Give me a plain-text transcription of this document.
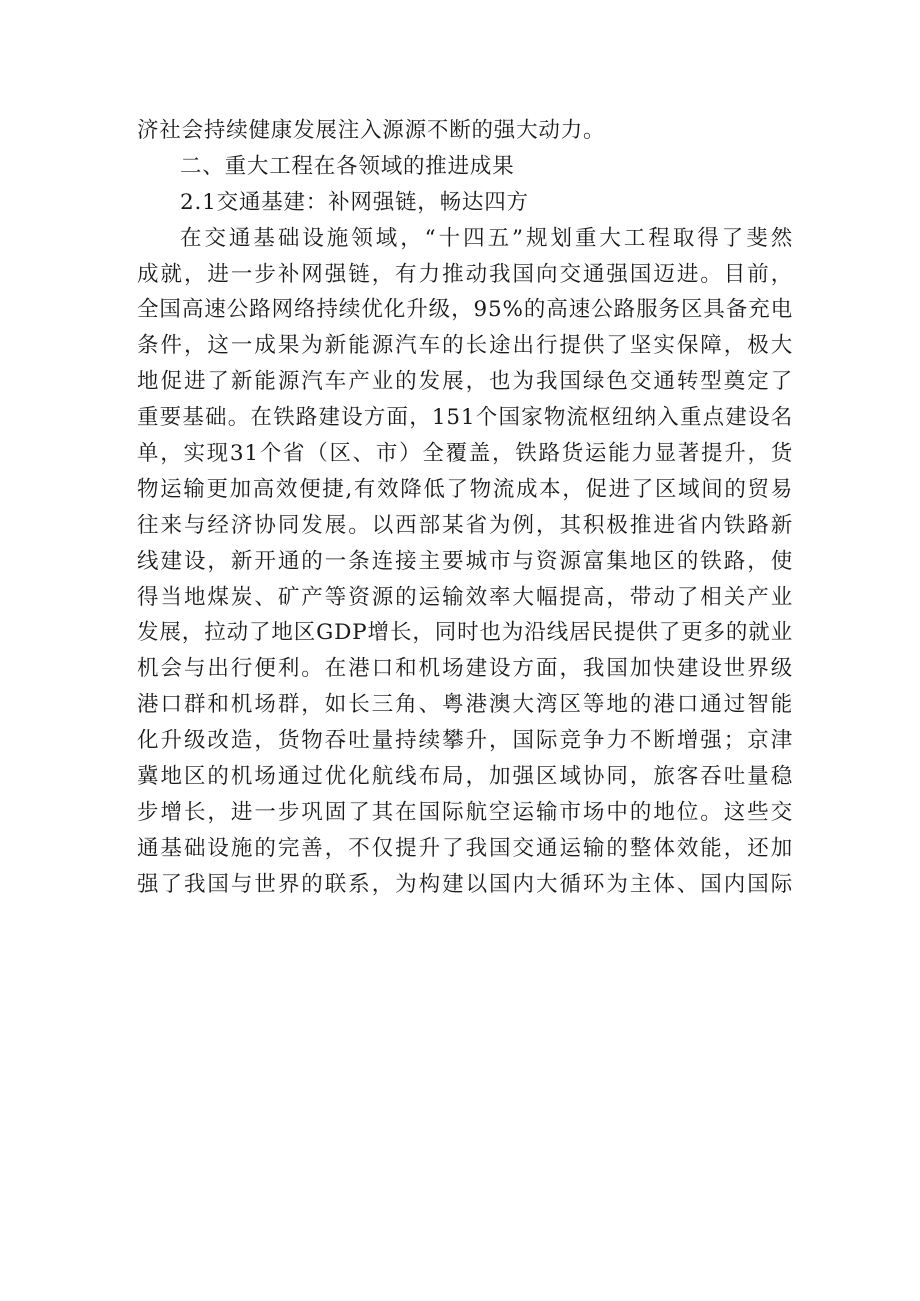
济社会持续健康发展注入源源不断的强大动力。
二、重大工程在各领域的推进成果
2.1交通基建：补网强链，畅达四方
在交通基础设施领域，“十四五”规划重大工程取得了斐然
成就，进一步补网强链，有力推动我国向交通强国迈进。目前，
全国高速公路网络持续优化升级，95%的高速公路服务区具备充电
条件，这一成果为新能源汽车的长途出行提供了坚实保障，极大
地促进了新能源汽车产业的发展，也为我国绿色交通转型奠定了
重要基础。在铁路建设方面，151个国家物流枢纽纳入重点建设名
单，实现31个省（区、市）全覆盖，铁路货运能力显著提升，货
物运输更加高效便捷,有效降低了物流成本，促进了区域间的贸易
往来与经济协同发展。以西部某省为例，其积极推进省内铁路新
线建设，新开通的一条连接主要城市与资源富集地区的铁路，使
得当地煤炭、矿产等资源的运输效率大幅提高，带动了相关产业
发展，拉动了地区GDP增长，同时也为沿线居民提供了更多的就业
机会与出行便利。在港口和机场建设方面，我国加快建设世界级
港口群和机场群，如长三角、粤港澳大湾区等地的港口通过智能
化升级改造，货物吞吐量持续攀升，国际竞争力不断增强；京津
冀地区的机场通过优化航线布局，加强区域协同，旅客吞吐量稳
步增长，进一步巩固了其在国际航空运输市场中的地位。这些交
通基础设施的完善，不仅提升了我国交通运输的整体效能，还加
强了我国与世界的联系，为构建以国内大循环为主体、国内国际
